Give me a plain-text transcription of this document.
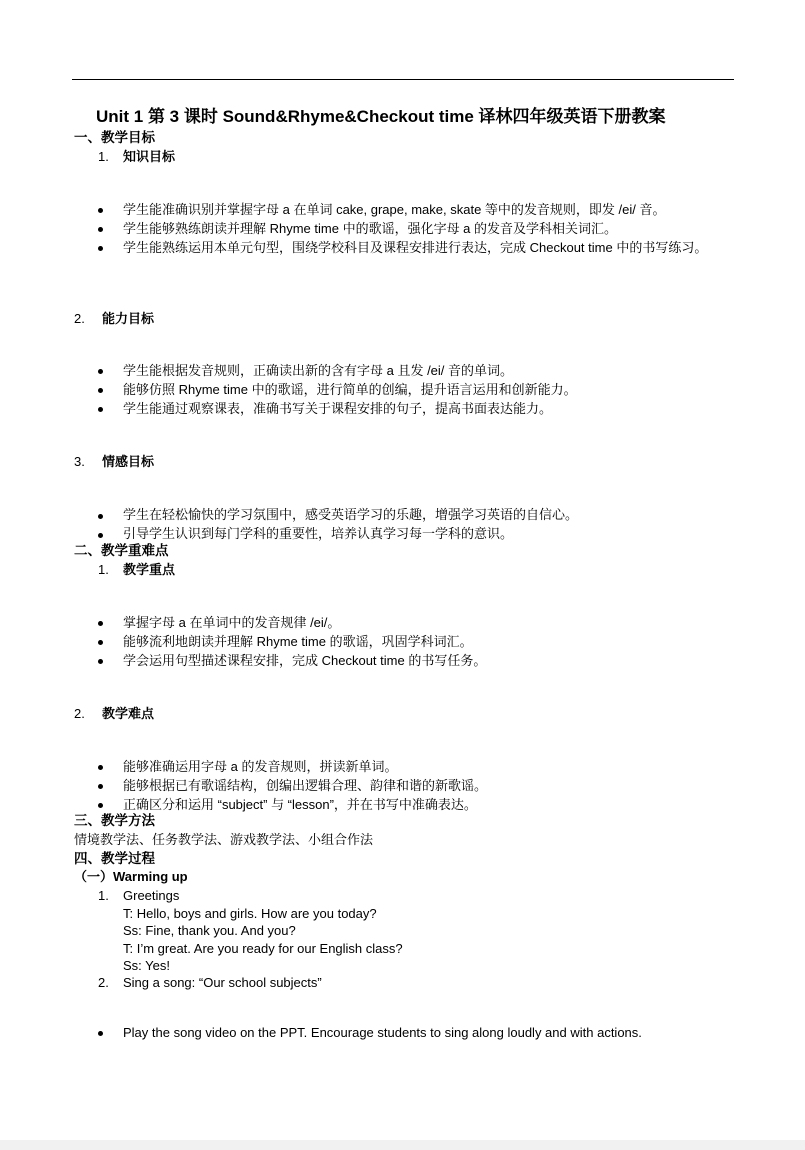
Unit 1 第 3 课时 Sound&Rhyme&Checkout time 译林四年级英语下册教案
一、教学目标
1. 知识目标
学生能准确识别并掌握字母 a 在单词 cake, grape, make, skate 等中的发音规则，即发 /ei/ 音。
学生能够熟练朗读并理解 Rhyme time 中的歌谣，强化字母 a 的发音及学科相关词汇。
学生能熟练运用本单元句型，围绕学校科目及课程安排进行表达，完成 Checkout time 中的书写练习。
2. 能力目标
学生能根据发音规则，正确读出新的含有字母 a 且发 /ei/ 音的单词。
能够仿照 Rhyme time 中的歌谣，进行简单的创编，提升语言运用和创新能力。
学生能通过观察课表，准确书写关于课程安排的句子，提高书面表达能力。
3. 情感目标
学生在轻松愉快的学习氛围中，感受英语学习的乐趣，增强学习英语的自信心。
引导学生认识到每门学科的重要性，培养认真学习每一学科的意识。
二、教学重难点
1. 教学重点
掌握字母 a 在单词中的发音规律 /ei/。
能够流利地朗读并理解 Rhyme time 的歌谣，巩固学科词汇。
学会运用句型描述课程安排，完成 Checkout time 的书写任务。
2. 教学难点
能够准确运用字母 a 的发音规则，拼读新单词。
能够根据已有歌谣结构，创编出逻辑合理、韵律和谐的新歌谣。
正确区分和运用 “subject” 与 “lesson”，并在书写中准确表达。
三、教学方法
情境教学法、任务教学法、游戏教学法、小组合作法
四、教学过程
（一）Warming up
1. Greetings
T: Hello, boys and girls. How are you today?
Ss: Fine, thank you. And you?
T: I’m great. Are you ready for our English class?
Ss: Yes!
2. Sing a song: “Our school subjects”
Play the song video on the PPT. Encourage students to sing along loudly and with actions.
